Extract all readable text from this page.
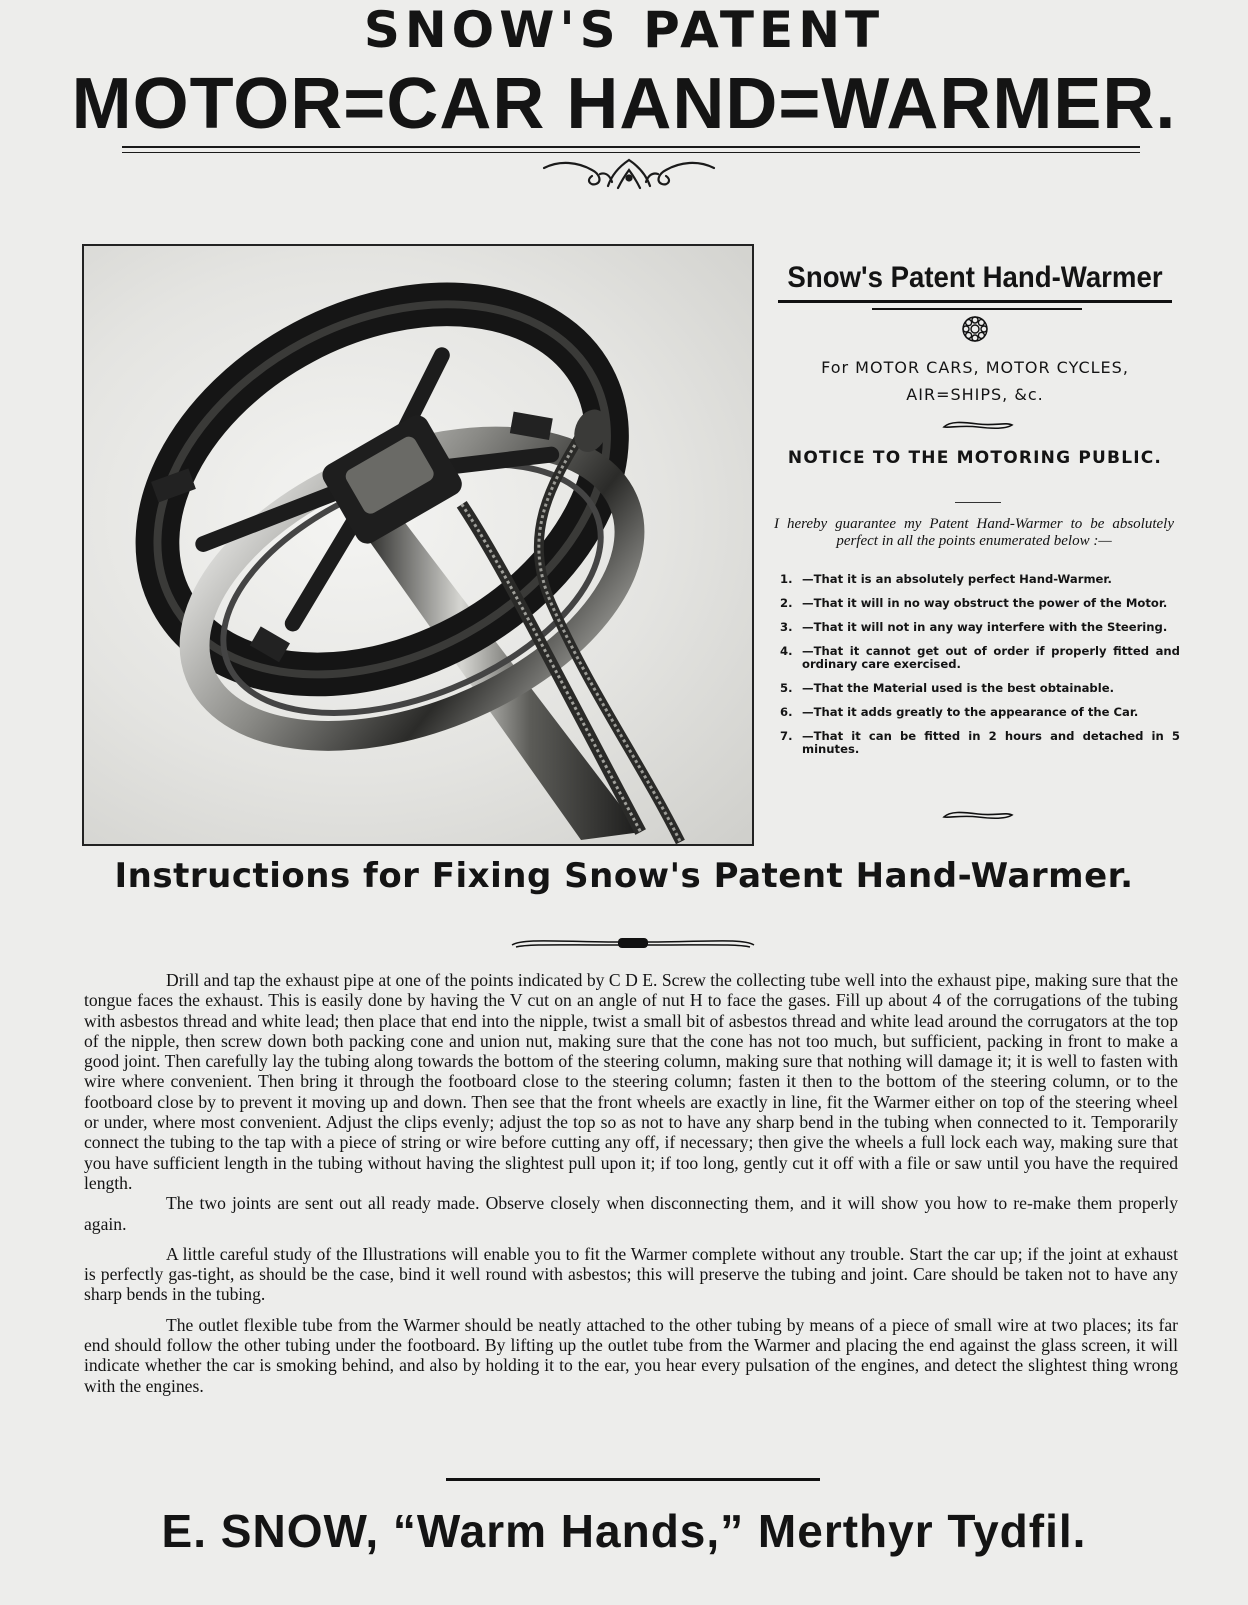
SNOW'S PATENT
MOTOR=CAR HAND=WARMER.
Snow's Patent Hand-Warmer
For MOTOR CARS, MOTOR CYCLES,
AIR=SHIPS, &c.
NOTICE TO THE MOTORING PUBLIC.
I hereby guarantee my Patent Hand-Warmer to be absolutely perfect in all the points enumerated below :—
1. —That it is an absolutely perfect Hand-Warmer.
2. —That it will in no way obstruct the power of the Motor.
3. —That it will not in any way interfere with the Steering.
4. —That it cannot get out of order if properly fitted and ordinary care exercised.
5. —That the Material used is the best obtainable.
6. —That it adds greatly to the appearance of the Car.
7. —That it can be fitted in 2 hours and detached in 5 minutes.
Instructions for Fixing Snow's Patent Hand-Warmer.

Drill and tap the exhaust pipe at one of the points indicated by C D E. Screw the collecting tube well into the exhaust pipe, making sure that the tongue faces the exhaust. This is easily done by having the V cut on an angle of nut H to face the gases. Fill up about 4 of the corrugations of the tubing with asbestos thread and white lead; then place that end into the nipple, twist a small bit of asbestos thread and white lead around the corrugators at the top of the nipple, then screw down both packing cone and union nut, making sure that the cone has not too much, but sufficient, packing in front to make a good joint. Then carefully lay the tubing along towards the bottom of the steering column, making sure that nothing will damage it; it is well to fasten with wire where convenient. Then bring it through the footboard close to the steering column; fasten it then to the bottom of the steering column, or to the footboard close by to prevent it moving up and down. Then see that the front wheels are exactly in line, fit the Warmer either on top of the steering wheel or under, where most convenient. Adjust the clips evenly; adjust the top so as not to have any sharp bend in the tubing when connected to it. Temporarily connect the tubing to the tap with a piece of string or wire before cutting any off, if necessary; then give the wheels a full lock each way, making sure that you have sufficient length in the tubing without having the slightest pull upon it; if too long, gently cut it off with a file or saw until you have the required length.

The two joints are sent out all ready made. Observe closely when disconnecting them, and it will show you how to re-make them properly again.

A little careful study of the Illustrations will enable you to fit the Warmer complete without any trouble. Start the car up; if the joint at exhaust is perfectly gas-tight, as should be the case, bind it well round with asbestos; this will preserve the tubing and joint. Care should be taken not to have any sharp bends in the tubing.

The outlet flexible tube from the Warmer should be neatly attached to the other tubing by means of a piece of small wire at two places; its far end should follow the other tubing under the footboard. By lifting up the outlet tube from the Warmer and placing the end against the glass screen, it will indicate whether the car is smoking behind, and also by holding it to the ear, you hear every pulsation of the engines, and detect the slightest thing wrong with the engines.

E. SNOW, “Warm Hands,” Merthyr Tydfil.
